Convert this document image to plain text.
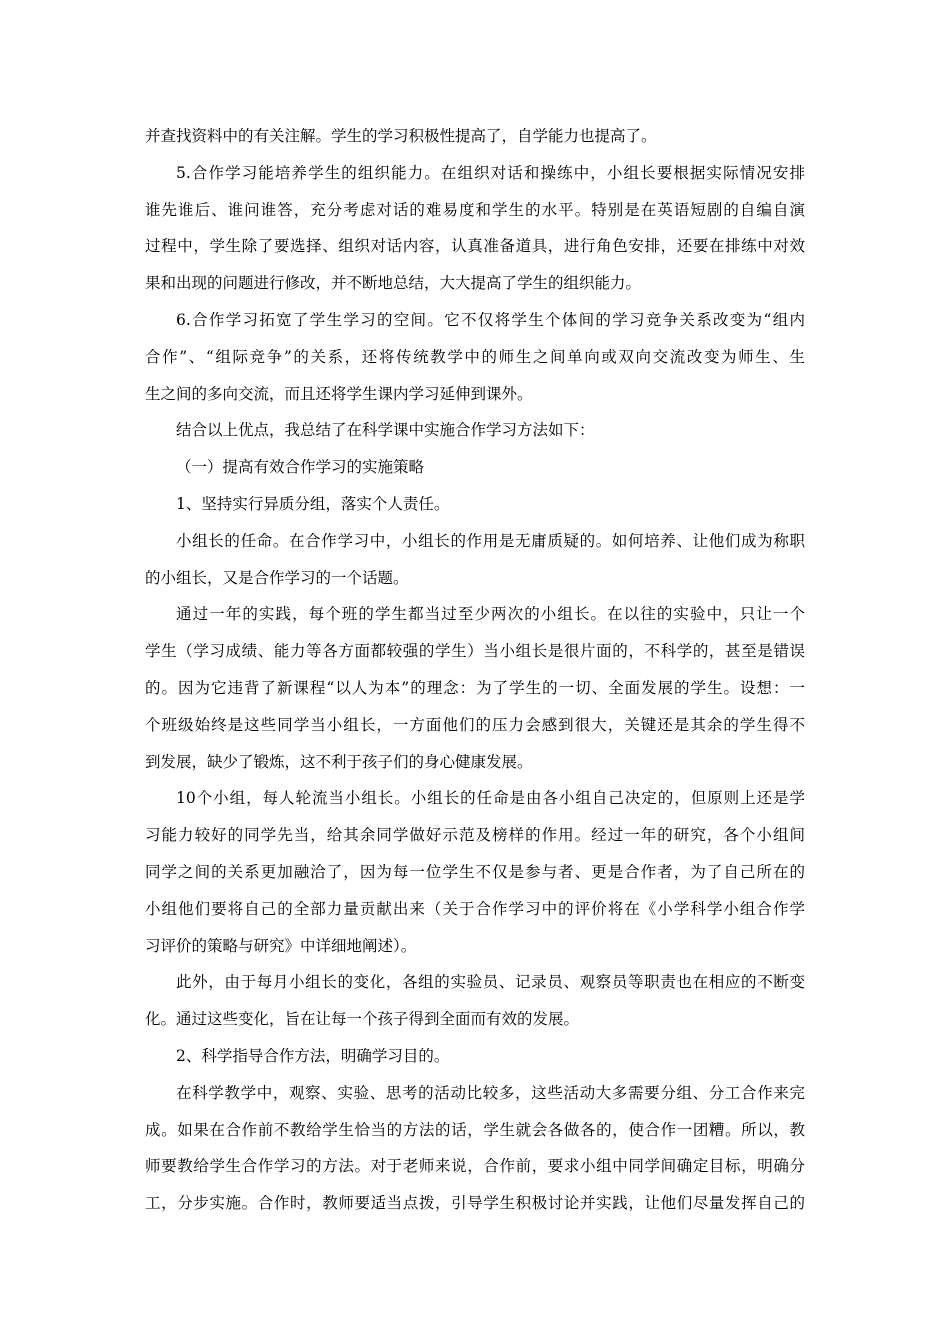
并查找资料中的有关注解。学生的学习积极性提高了，自学能力也提高了。
5.合作学习能培养学生的组织能力。在组织对话和操练中，小组长要根据实际情况安排
谁先谁后、谁问谁答，充分考虑对话的难易度和学生的水平。特别是在英语短剧的自编自演
过程中，学生除了要选择、组织对话内容，认真准备道具，进行角色安排，还要在排练中对效
果和出现的问题进行修改，并不断地总结，大大提高了学生的组织能力。
6.合作学习拓宽了学生学习的空间。它不仅将学生个体间的学习竞争关系改变为“组内
合作”、“组际竞争”的关系，还将传统教学中的师生之间单向或双向交流改变为师生、生
生之间的多向交流，而且还将学生课内学习延伸到课外。
结合以上优点，我总结了在科学课中实施合作学习方法如下：
（一）提高有效合作学习的实施策略
1、坚持实行异质分组，落实个人责任。
小组长的任命。在合作学习中，小组长的作用是无庸质疑的。如何培养、让他们成为称职
的小组长，又是合作学习的一个话题。
通过一年的实践，每个班的学生都当过至少两次的小组长。在以往的实验中，只让一个
学生（学习成绩、能力等各方面都较强的学生）当小组长是很片面的，不科学的，甚至是错误
的。因为它违背了新课程“以人为本”的理念：为了学生的一切、全面发展的学生。设想：一
个班级始终是这些同学当小组长，一方面他们的压力会感到很大，关键还是其余的学生得不
到发展，缺少了锻炼，这不利于孩子们的身心健康发展。
10个小组，每人轮流当小组长。小组长的任命是由各小组自己决定的，但原则上还是学
习能力较好的同学先当，给其余同学做好示范及榜样的作用。经过一年的研究，各个小组间
同学之间的关系更加融洽了，因为每一位学生不仅是参与者、更是合作者，为了自己所在的
小组他们要将自己的全部力量贡献出来（关于合作学习中的评价将在《小学科学小组合作学
习评价的策略与研究》中详细地阐述）。
此外，由于每月小组长的变化，各组的实验员、记录员、观察员等职责也在相应的不断变
化。通过这些变化，旨在让每一个孩子得到全面而有效的发展。
2、科学指导合作方法，明确学习目的。
在科学教学中，观察、实验、思考的活动比较多，这些活动大多需要分组、分工合作来完
成。如果在合作前不教给学生恰当的方法的话，学生就会各做各的，使合作一团糟。所以，教
师要教给学生合作学习的方法。对于老师来说，合作前，要求小组中同学间确定目标，明确分
工，分步实施。合作时，教师要适当点拨，引导学生积极讨论并实践，让他们尽量发挥自己的
